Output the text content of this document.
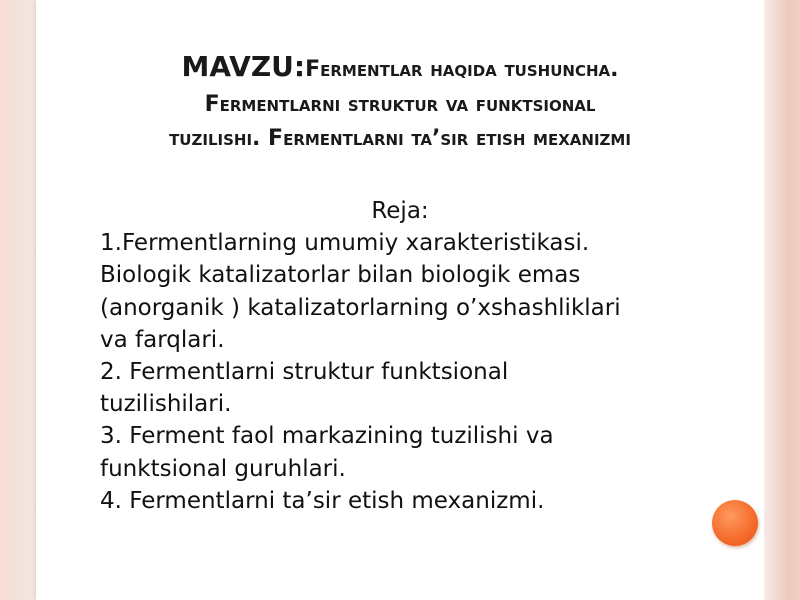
MAVZU:Fermentlar haqida tushuncha.
Fermentlarni struktur va funktsional
tuzilishi. Fermentlarni ta’sir etish mexanizmi

Reja:

1.Fermentlarning umumiy xarakteristikasi.

Biologik katalizatorlar bilan biologik emas

(anorganik ) katalizatorlarning o’xshashliklari

va farqlari.

2. Fermentlarni struktur funktsional

tuzilishilari.

3. Ferment faol markazining tuzilishi va

funktsional guruhlari.

4. Fermentlarni ta’sir etish mexanizmi.
